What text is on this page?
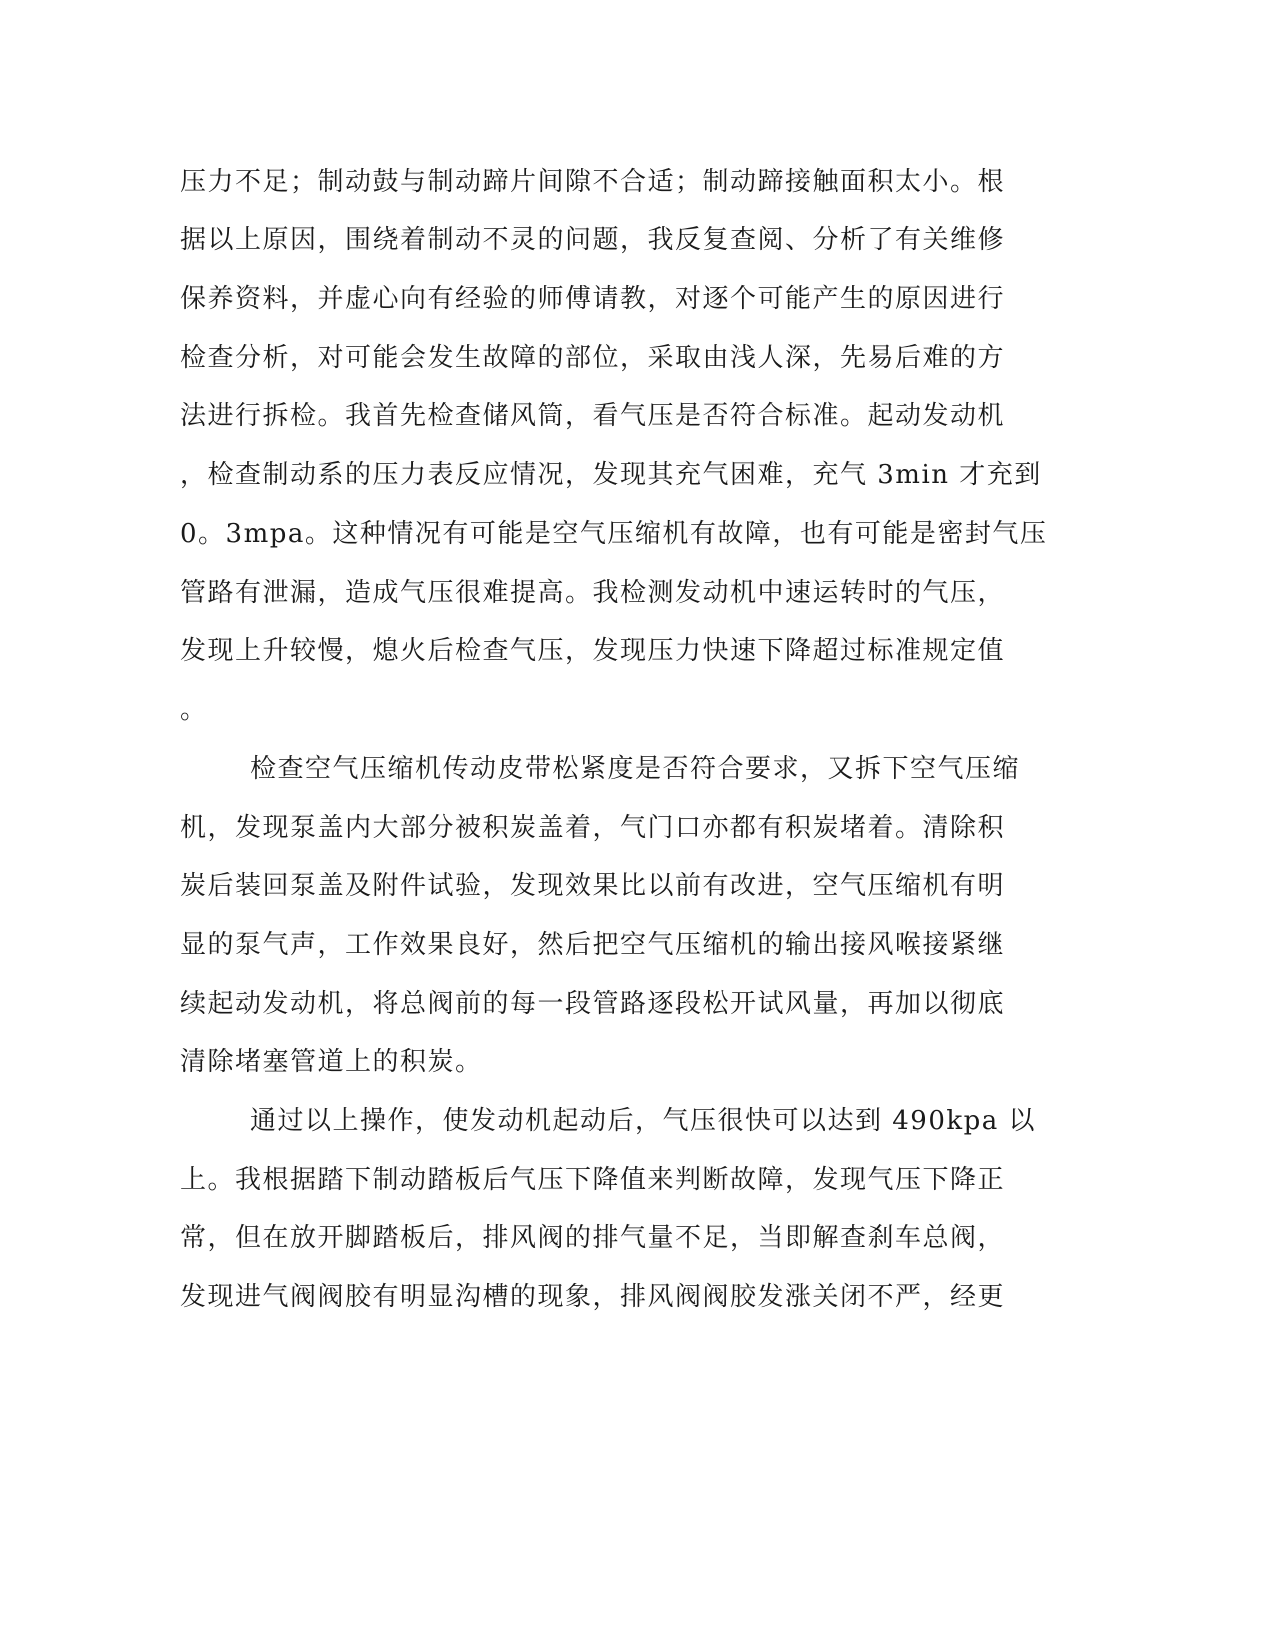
压力不足；制动鼓与制动蹄片间隙不合适；制动蹄接触面积太小。根

据以上原因，围绕着制动不灵的问题，我反复查阅、分析了有关维修

保养资料，并虚心向有经验的师傅请教，对逐个可能产生的原因进行

检查分析，对可能会发生故障的部位，采取由浅人深，先易后难的方

法进行拆检。我首先检查储风筒，看气压是否符合标准。起动发动机

，检查制动系的压力表反应情况，发现其充气困难，充气 3min 才充到

0。3mpa。这种情况有可能是空气压缩机有故障，也有可能是密封气压

管路有泄漏，造成气压很难提高。我检测发动机中速运转时的气压，

发现上升较慢，熄火后检查气压，发现压力快速下降超过标准规定值

。

检查空气压缩机传动皮带松紧度是否符合要求，又拆下空气压缩

机，发现泵盖内大部分被积炭盖着，气门口亦都有积炭堵着。清除积

炭后装回泵盖及附件试验，发现效果比以前有改进，空气压缩机有明

显的泵气声，工作效果良好，然后把空气压缩机的输出接风喉接紧继

续起动发动机，将总阀前的每一段管路逐段松开试风量，再加以彻底

清除堵塞管道上的积炭。

通过以上操作，使发动机起动后，气压很快可以达到 490kpa 以

上。我根据踏下制动踏板后气压下降值来判断故障，发现气压下降正

常，但在放开脚踏板后，排风阀的排气量不足，当即解查刹车总阀，

发现进气阀阀胶有明显沟槽的现象，排风阀阀胶发涨关闭不严，经更
